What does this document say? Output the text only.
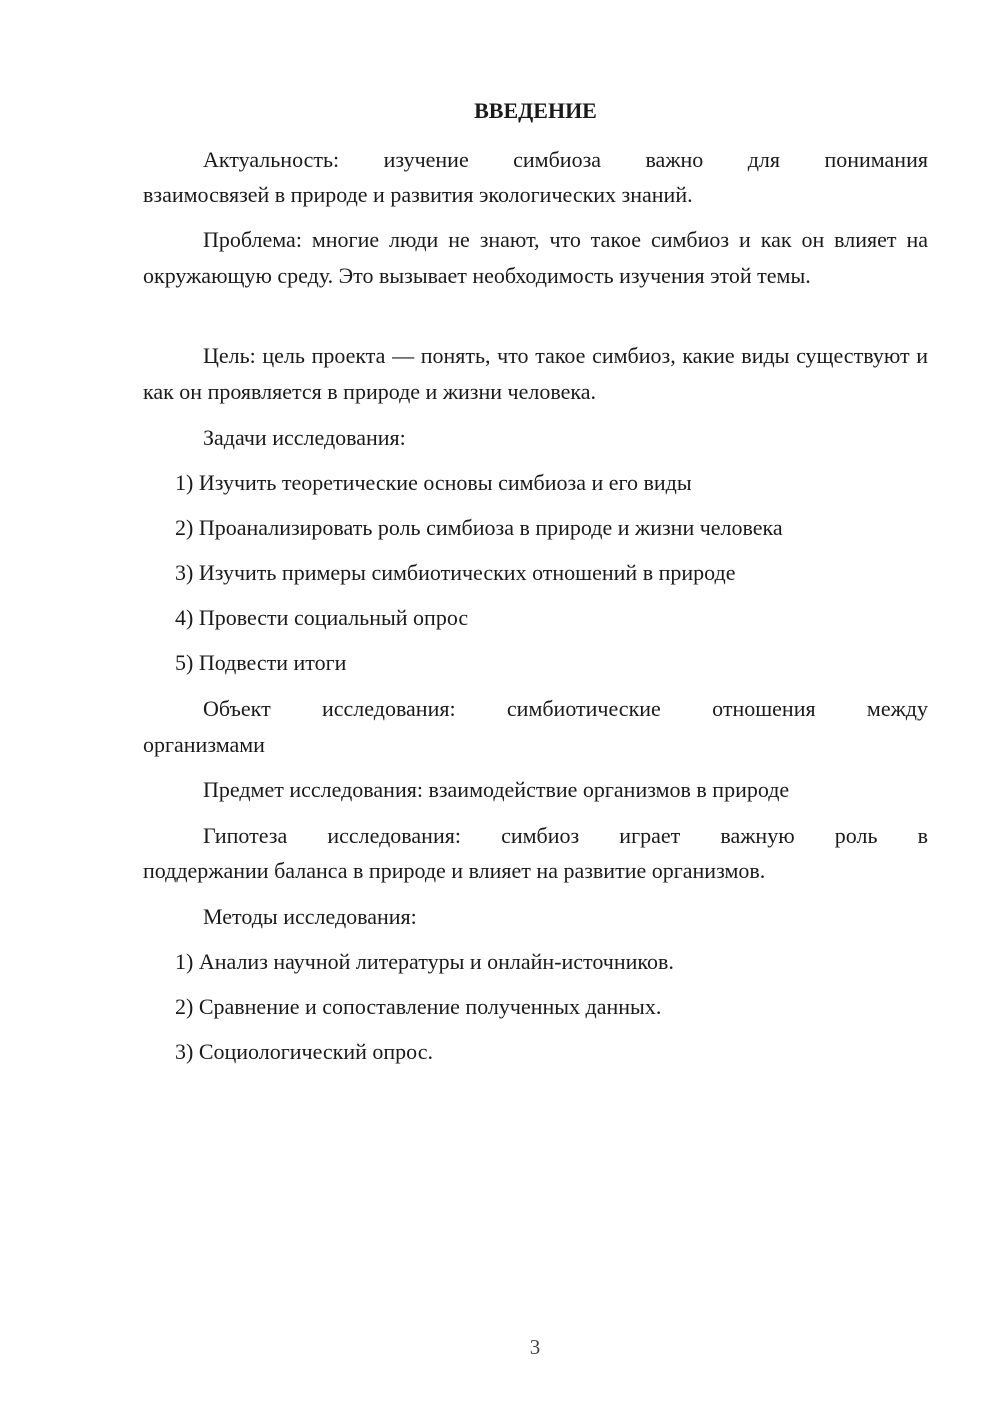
ВВЕДЕНИЕ
Актуальность: изучение симбиоза важно для понимания
взаимосвязей в природе и развития экологических знаний.

Проблема: многие люди не знают, что такое симбиоз и как он влияет на окружающую среду. Это вызывает необходимость изучения этой темы.

Цель: цель проекта — понять, что такое симбиоз, какие виды существуют и как он проявляется в природе и жизни человека.

Задачи исследования:
1) Изучить теоретические основы симбиоза и его виды
2) Проанализировать роль симбиоза в природе и жизни человека
3) Изучить примеры симбиотических отношений в природе
4) Провести социальный опрос
5) Подвести итоги
Объект исследования: симбиотические отношения между
организмами
Предмет исследования: взаимодействие организмов в природе
Гипотеза исследования: симбиоз играет важную роль в
поддержании баланса в природе и влияет на развитие организмов.
Методы исследования:
1) Анализ научной литературы и онлайн-источников.
2) Сравнение и сопоставление полученных данных.
3) Социологический опрос.
3
